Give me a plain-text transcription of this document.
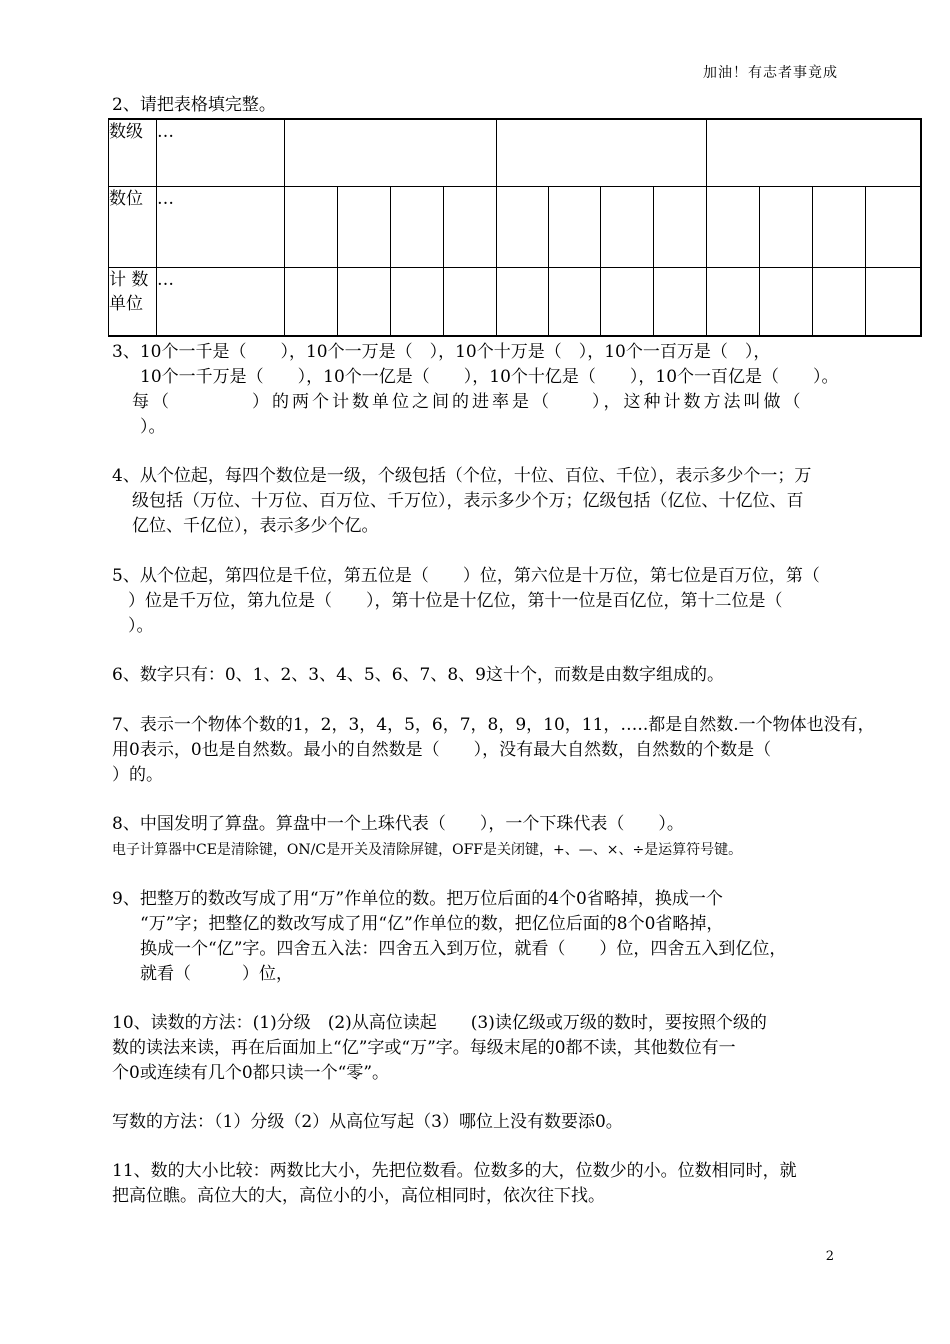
加油！有志者事竟成
2、请把表格填完整。
数级	…												
数位	…												

计 数
单位	…												
3、10个一千是（　　），10个一万是（　），10个十万是（　），10个一百万是（　），
10个一千万是（　　），10个一亿是（　　），10个十亿是（　　），10个一百亿是（　　）。
每（　　　　）的两个计数单位之间的进率是（　　），这种计数方法叫做（
）。
4、从个位起，每四个数位是一级，个级包括（个位，十位、百位、千位），表示多少个一；万
级包括（万位、十万位、百万位、千万位），表示多少个万；亿级包括（亿位、十亿位、百
亿位、千亿位），表示多少个亿。
5、从个位起，第四位是千位，第五位是（　　）位，第六位是十万位，第七位是百万位，第（
）位是千万位，第九位是（　　），第十位是十亿位，第十一位是百亿位，第十二位是（
）。
6、数字只有：0、1、2、3、4、5、6、7、8、9这十个，而数是由数字组成的。
7、表示一个物体个数的1，2，3，4，5，6，7，8，9，10，11，…..都是自然数.一个物体也没有，
用0表示，0也是自然数。最小的自然数是（　　），没有最大自然数，自然数的个数是（
）的。
8、中国发明了算盘。算盘中一个上珠代表（　　），一个下珠代表（　　）。
电子计算器中CE是清除键，ON/C是开关及清除屏键，OFF是关闭键，+、—、×、÷是运算符号键。
9、把整万的数改写成了用“万”作单位的数。把万位后面的4个0省略掉，换成一个
“万”字；把整亿的数改写成了用“亿”作单位的数，把亿位后面的8个0省略掉，
换成一个“亿”字。四舍五入法：四舍五入到万位，就看（　　）位，四舍五入到亿位，
就看（　　　）位，
10、读数的方法：(1)分级　(2)从高位读起　　(3)读亿级或万级的数时，要按照个级的
数的读法来读，再在后面加上“亿”字或“万”字。每级末尾的0都不读，其他数位有一
个0或连续有几个0都只读一个“零”。
写数的方法：（1）分级（2）从高位写起（3）哪位上没有数要添0。
11、数的大小比较：两数比大小，先把位数看。位数多的大，位数少的小。位数相同时，就
把高位瞧。高位大的大，高位小的小，高位相同时，依次往下找。
2
